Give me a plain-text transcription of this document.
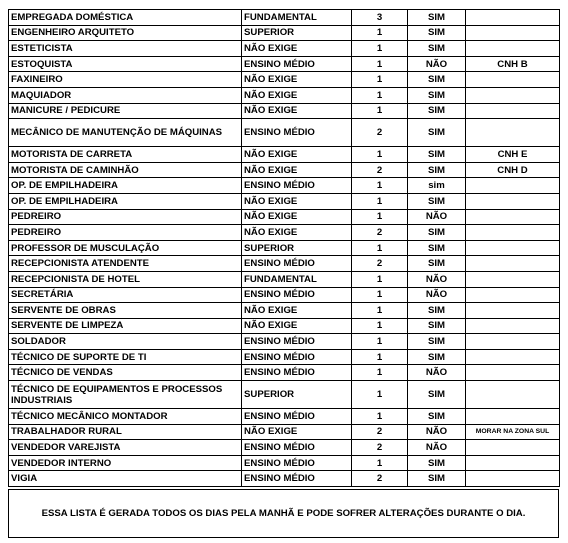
EMPREGADA DOMÉSTICA	FUNDAMENTAL	3	SIM	
ENGENHEIRO ARQUITETO	SUPERIOR	1	SIM	
ESTETICISTA	NÃO EXIGE	1	SIM	
ESTOQUISTA	ENSINO MÉDIO	1	NÃO	CNH B
FAXINEIRO	NÃO EXIGE	1	SIM	
MAQUIADOR	NÃO EXIGE	1	SIM	
MANICURE / PEDICURE	NÃO EXIGE	1	SIM	
MECÂNICO DE MANUTENÇÃO DE MÁQUINAS	ENSINO MÉDIO	2	SIM	
MOTORISTA DE CARRETA	NÃO EXIGE	1	SIM	CNH E
MOTORISTA DE CAMINHÃO	NÃO EXIGE	2	SIM	CNH D
OP. DE EMPILHADEIRA	ENSINO MÉDIO	1	sim	
OP. DE EMPILHADEIRA	NÃO EXIGE	1	SIM	
PEDREIRO	NÃO EXIGE	1	NÃO	
PEDREIRO	NÃO EXIGE	2	SIM	
PROFESSOR DE MUSCULAÇÃO	SUPERIOR	1	SIM	
RECEPCIONISTA ATENDENTE	ENSINO MÉDIO	2	SIM	
RECEPCIONISTA DE HOTEL	FUNDAMENTAL	1	NÃO	
SECRETÁRIA	ENSINO MÉDIO	1	NÃO	
SERVENTE DE OBRAS	NÃO EXIGE	1	SIM	
SERVENTE DE LIMPEZA	NÃO EXIGE	1	SIM	
SOLDADOR	ENSINO MÉDIO	1	SIM	
TÉCNICO DE SUPORTE DE TI	ENSINO MÉDIO	1	SIM	
TÉCNICO DE VENDAS	ENSINO MÉDIO	1	NÃO	
TÉCNICO DE EQUIPAMENTOS E PROCESSOS INDUSTRIAIS	SUPERIOR	1	SIM	
TÉCNICO MECÂNICO MONTADOR	ENSINO MÉDIO	1	SIM	
TRABALHADOR RURAL	NÃO EXIGE	2	NÃO	MORAR NA ZONA SUL
VENDEDOR VAREJISTA	ENSINO MÉDIO	2	NÃO	
VENDEDOR INTERNO	ENSINO MÉDIO	1	SIM	
VIGIA	ENSINO MÉDIO	2	SIM	
ESSA LISTA É GERADA TODOS OS DIAS PELA MANHÃ E PODE SOFRER ALTERAÇÕES DURANTE O DIA.
